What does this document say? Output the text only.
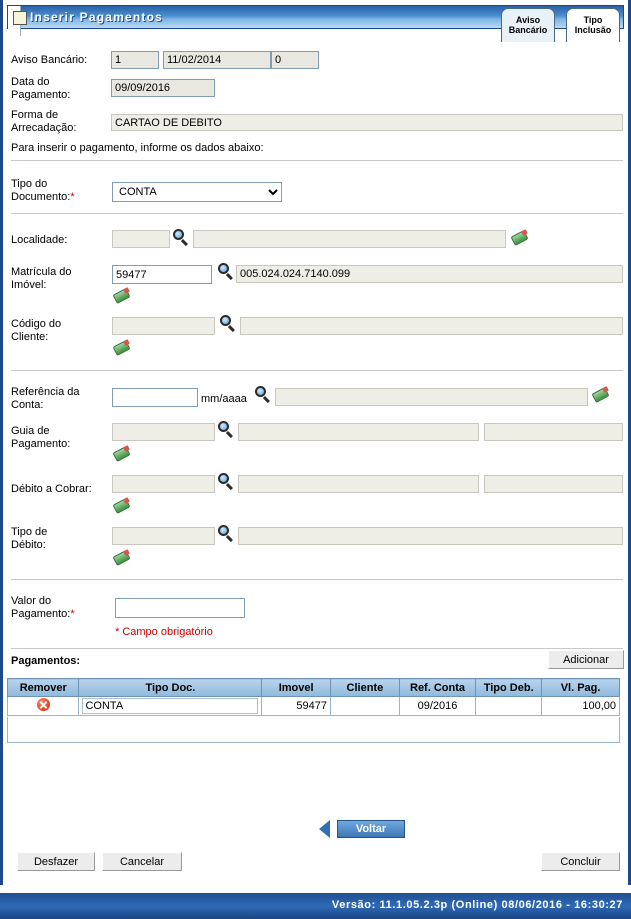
Inserir Pagamentos	Aviso
Bancário
Tipo
Inclusão
Aviso Bancário:
1
11/02/2014
0
Data do
Pagamento:
09/09/2016
Forma de
Arrecadação:
CARTAO DE DEBITO
Para inserir o pagamento, informe os dados abaixo:
Tipo do
Documento:*
CONTA
Localidade:
Matrícula do
Imóvel:
59477
005.024.024.7140.099
Código do
Cliente:
Referência da
Conta:	mm/aaaa
Guia de
Pagamento:
Débito a Cobrar:
Tipo de
Débito:
Valor do
Pagamento:*
* Campo obrigatório
Pagamentos:	Adicionar
Remover	Tipo Doc.	Imovel	Cliente	Ref. Conta	Tipo Deb.	Vl. Pag.
	CONTA	59477		09/2016		100,00
Voltar
Desfazer	Cancelar	Concluir
Versão: 11.1.05.2.3p (Online) 08/06/2016 - 16:30:27
